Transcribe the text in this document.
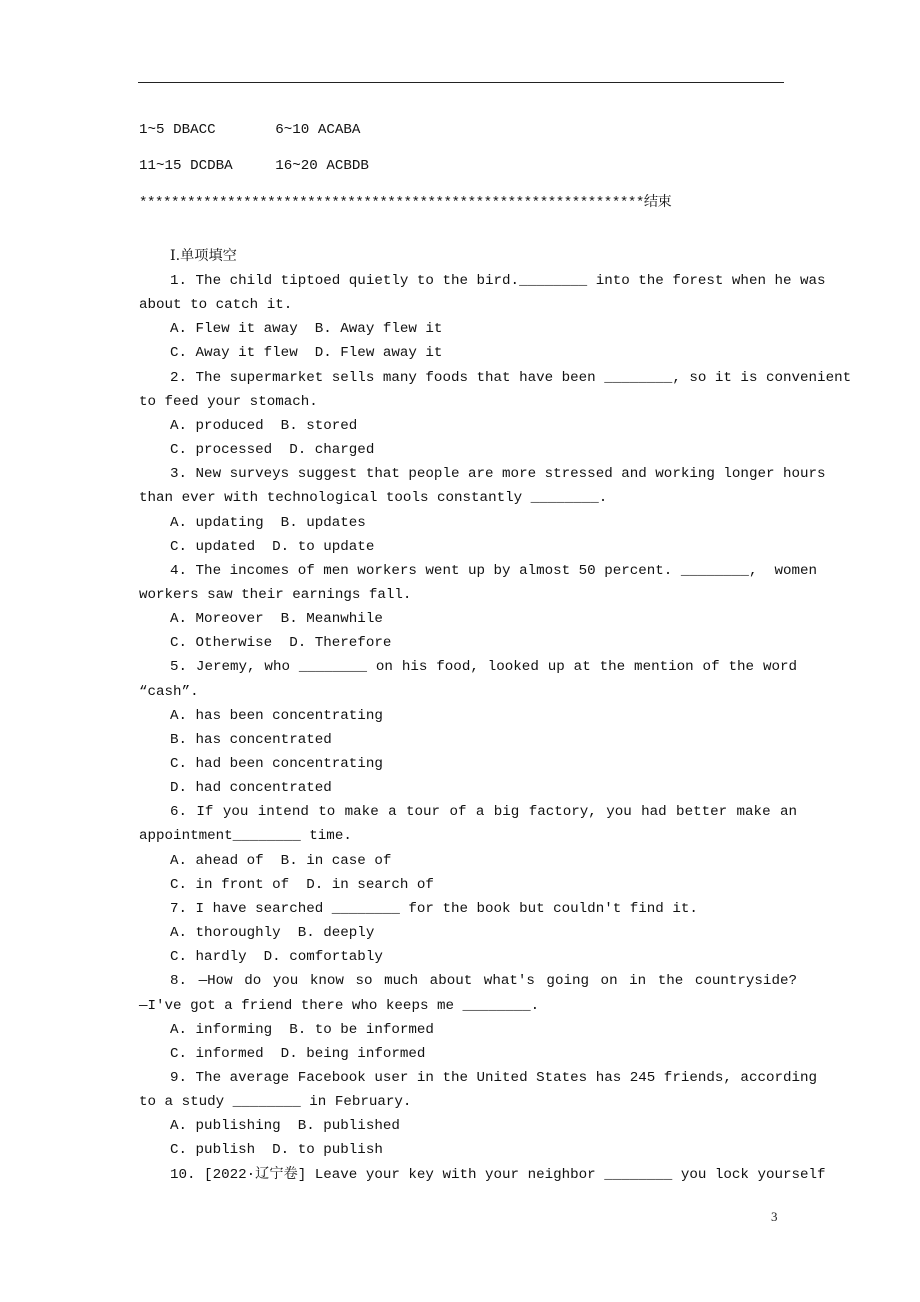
1~5 DBACC	6~10 ACABA
11~15 DCDBA	16~20 ACBDB
***************************************************************结束
Ⅰ.单项填空
1. The child tiptoed quietly to the bird.________ into the forest when he was
about to catch it.
A. Flew it away  B. Away flew it
C. Away it flew  D. Flew away it
2. The supermarket sells many foods that have been ________, so it is convenient
to feed your stomach.
A. produced  B. stored
C. processed  D. charged
3. New surveys suggest that people are more stressed and working longer hours
than ever with technological tools constantly ________.
A. updating  B. updates
C. updated  D. to update
4. The incomes of men workers went up by almost 50 percent. ________,  women
workers saw their earnings fall.
A. Moreover  B. Meanwhile
C. Otherwise  D. Therefore
5. Jeremy, who ________ on his food, looked up at the mention of the word
“cash”.
A. has been concentrating
B. has concentrated
C. had been concentrating
D. had concentrated
6. If you intend to make a tour of a big factory, you had better make an
appointment________ time.
A. ahead of  B. in case of
C. in front of  D. in search of
7. I have searched ________ for the book but couldn't find it.
A. thoroughly  B. deeply
C. hardly  D. comfortably
8. —How do you know so much about what's going on in the countryside?
—I've got a friend there who keeps me ________.
A. informing  B. to be informed
C. informed  D. being informed
9. The average Facebook user in the United States has 245 friends, according
to a study ________ in February.
A. publishing  B. published
C. publish  D. to publish
10. [2022·辽宁卷] Leave your key with your neighbor ________ you lock yourself
3
